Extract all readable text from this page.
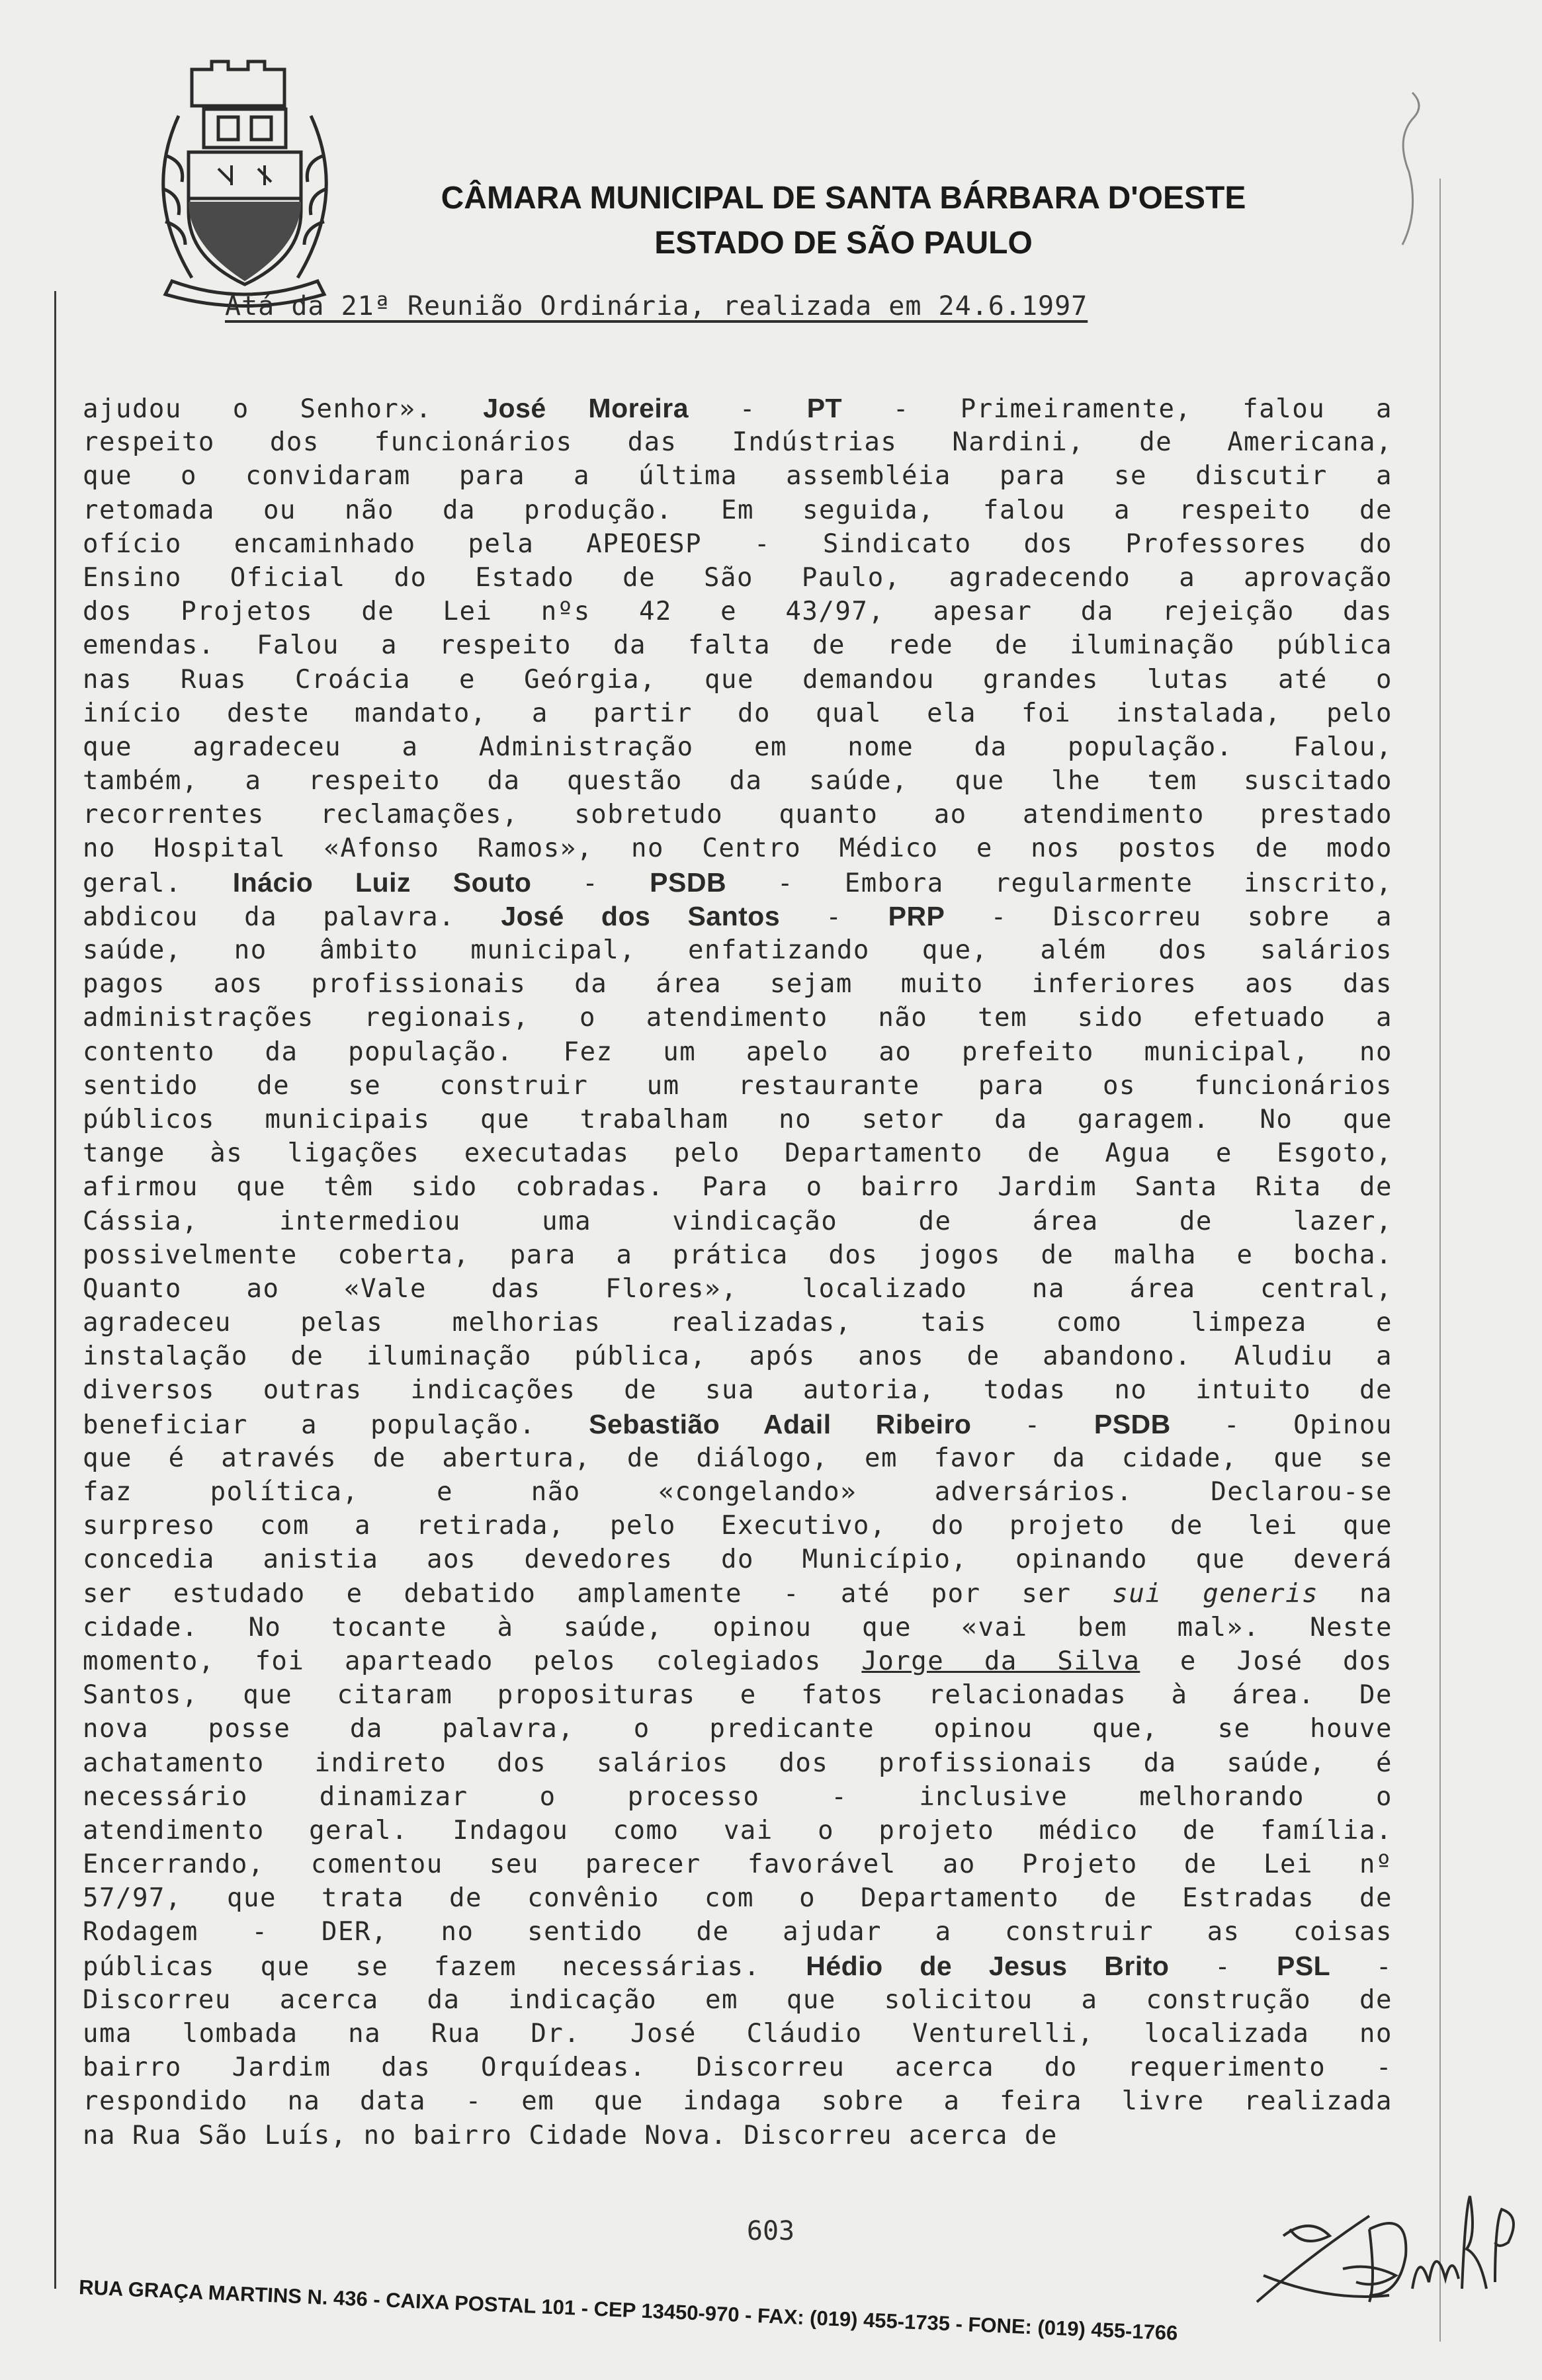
CÂMARA MUNICIPAL DE SANTA BÁRBARA D'OESTE
ESTADO DE SÃO PAULO
Atá da 21ª Reunião Ordinária, realizada em 24.6.1997
ajudou o Senhor». José Moreira - PT - Primeiramente, falou a
respeito dos funcionários das Indústrias Nardini, de Americana,
que o convidaram para a última assembléia para se discutir a
retomada ou não da produção. Em seguida, falou a respeito de
ofício encaminhado pela APEOESP - Sindicato dos Professores do
Ensino Oficial do Estado de São Paulo, agradecendo a aprovação
dos Projetos de Lei nºs 42 e 43/97, apesar da rejeição das
emendas. Falou a respeito da falta de rede de iluminação pública
nas Ruas Croácia e Geórgia, que demandou grandes lutas até o
início deste mandato, a partir do qual ela foi instalada, pelo
que agradeceu a Administração em nome da população. Falou,
também, a respeito da questão da saúde, que lhe tem suscitado
recorrentes reclamações, sobretudo quanto ao atendimento prestado
no Hospital «Afonso Ramos», no Centro Médico e nos postos de modo
geral. Inácio Luiz Souto - PSDB - Embora regularmente inscrito,
abdicou da palavra. José dos Santos - PRP - Discorreu sobre a
saúde, no âmbito municipal, enfatizando que, além dos salários
pagos aos profissionais da área sejam muito inferiores aos das
administrações regionais, o atendimento não tem sido efetuado a
contento da população. Fez um apelo ao prefeito municipal, no
sentido de se construir um restaurante para os funcionários
públicos municipais que trabalham no setor da garagem. No que
tange às ligações executadas pelo Departamento de Agua e Esgoto,
afirmou que têm sido cobradas. Para o bairro Jardim Santa Rita de
Cássia, intermediou uma vindicação de área de lazer,
possivelmente coberta, para a prática dos jogos de malha e bocha.
Quanto ao «Vale das Flores», localizado na área central,
agradeceu pelas melhorias realizadas, tais como limpeza e
instalação de iluminação pública, após anos de abandono. Aludiu a
diversos outras indicações de sua autoria, todas no intuito de
beneficiar a população. Sebastião Adail Ribeiro - PSDB - Opinou
que é através de abertura, de diálogo, em favor da cidade, que se
faz política, e não «congelando» adversários. Declarou-se
surpreso com a retirada, pelo Executivo, do projeto de lei que
concedia anistia aos devedores do Município, opinando que deverá
ser estudado e debatido amplamente - até por ser sui generis na
cidade. No tocante à saúde, opinou que «vai bem mal». Neste
momento, foi aparteado pelos colegiados Jorge da Silva e José dos
Santos, que citaram proposituras e fatos relacionadas à área. De
nova posse da palavra, o predicante opinou que, se houve
achatamento indireto dos salários dos profissionais da saúde, é
necessário dinamizar o processo - inclusive melhorando o
atendimento geral. Indagou como vai o projeto médico de família.
Encerrando, comentou seu parecer favorável ao Projeto de Lei nº
57/97, que trata de convênio com o Departamento de Estradas de
Rodagem - DER, no sentido de ajudar a construir as coisas
públicas que se fazem necessárias. Hédio de Jesus Brito - PSL -
Discorreu acerca da indicação em que solicitou a construção de
uma lombada na Rua Dr. José Cláudio Venturelli, localizada no
bairro Jardim das Orquídeas. Discorreu acerca do requerimento -
respondido na data - em que indaga sobre a feira livre realizada
na Rua São Luís, no bairro Cidade Nova. Discorreu acerca de
603
RUA GRAÇA MARTINS N. 436 - CAIXA POSTAL 101 - CEP 13450-970 - FAX: (019) 455-1735 - FONE: (019) 455-1766
